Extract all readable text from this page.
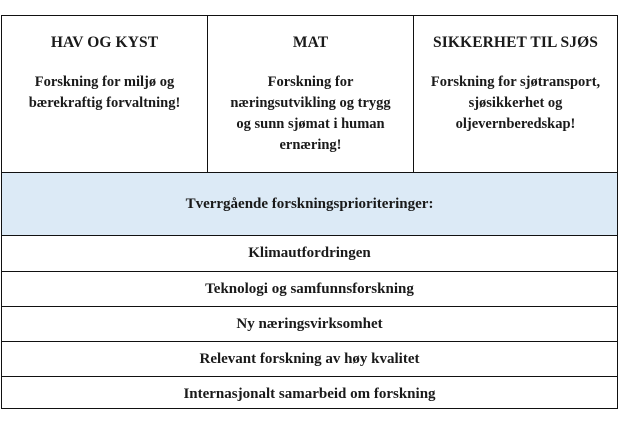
HAV OG KYST
Forskning for miljø og
bærekraftig forvaltning!
MAT
Forskning for
næringsutvikling og trygg
og sunn sjømat i human
ernæring!
SIKKERHET TIL SJØS
Forskning for sjøtransport,
sjøsikkerhet og
oljevernberedskap!
Tverrgående forskningsprioriteringer:
Klimautfordringen
Teknologi og samfunnsforskning
Ny næringsvirksomhet
Relevant forskning av høy kvalitet
Internasjonalt samarbeid om forskning
